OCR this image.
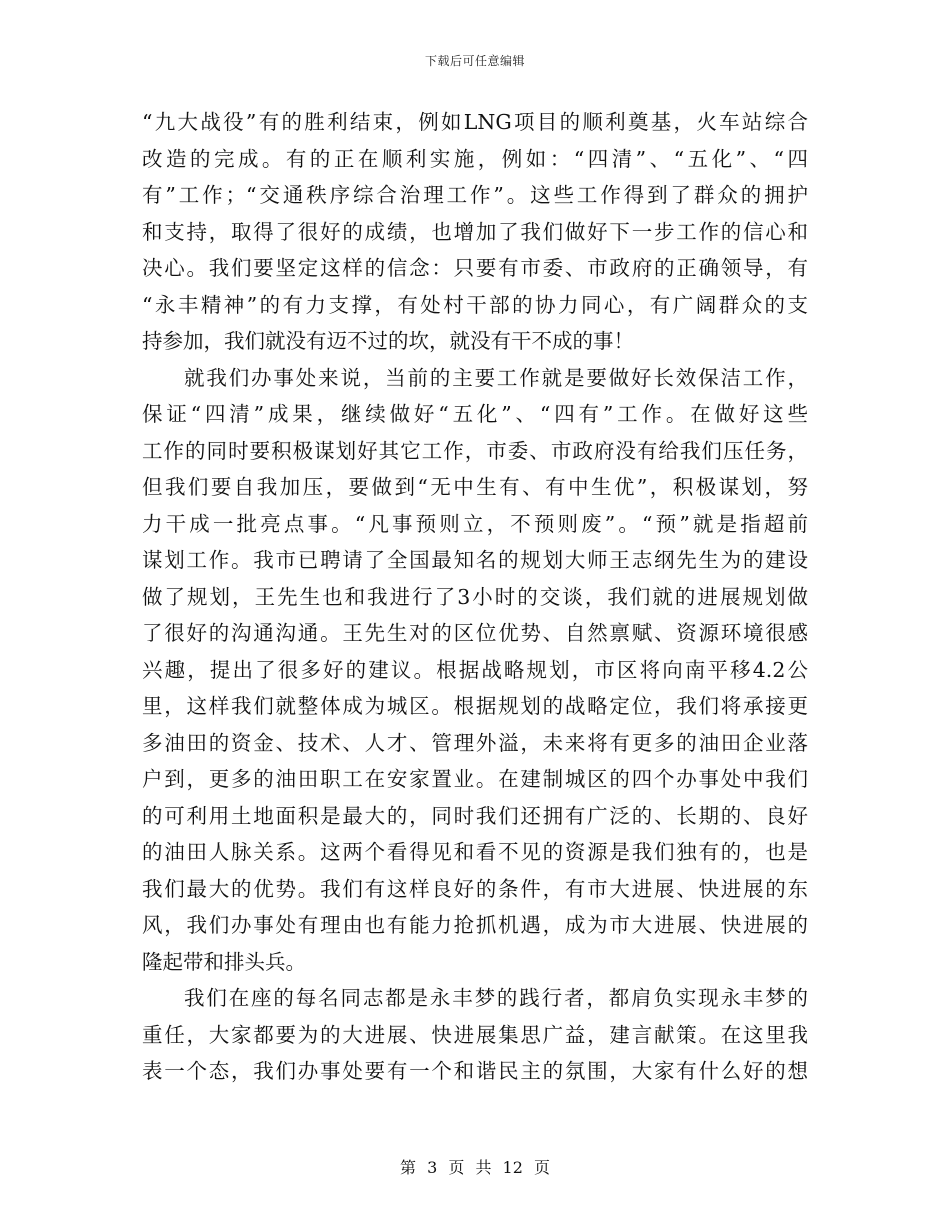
下载后可任意编辑
“九大战役”有的胜利结束，例如LNG项目的顺利奠基，火车站综合
改造的完成。有的正在顺利实施，例如：“四清”、“五化”、“四
有”工作；“交通秩序综合治理工作”。这些工作得到了群众的拥护
和支持，取得了很好的成绩，也增加了我们做好下一步工作的信心和
决心。我们要坚定这样的信念：只要有市委、市政府的正确领导，有
“永丰精神”的有力支撑，有处村干部的协力同心，有广阔群众的支
持参加，我们就没有迈不过的坎，就没有干不成的事！
就我们办事处来说，当前的主要工作就是要做好长效保洁工作，
保证“四清”成果，继续做好“五化”、“四有”工作。在做好这些
工作的同时要积极谋划好其它工作，市委、市政府没有给我们压任务，
但我们要自我加压，要做到“无中生有、有中生优”，积极谋划，努
力干成一批亮点事。“凡事预则立，不预则废”。“预”就是指超前
谋划工作。我市已聘请了全国最知名的规划大师王志纲先生为的建设
做了规划，王先生也和我进行了3小时的交谈，我们就的进展规划做
了很好的沟通沟通。王先生对的区位优势、自然禀赋、资源环境很感
兴趣，提出了很多好的建议。根据战略规划，市区将向南平移4.2公
里，这样我们就整体成为城区。根据规划的战略定位，我们将承接更
多油田的资金、技术、人才、管理外溢，未来将有更多的油田企业落
户到，更多的油田职工在安家置业。在建制城区的四个办事处中我们
的可利用土地面积是最大的，同时我们还拥有广泛的、长期的、良好
的油田人脉关系。这两个看得见和看不见的资源是我们独有的，也是
我们最大的优势。我们有这样良好的条件，有市大进展、快进展的东
风，我们办事处有理由也有能力抢抓机遇，成为市大进展、快进展的
隆起带和排头兵。
我们在座的每名同志都是永丰梦的践行者，都肩负实现永丰梦的
重任，大家都要为的大进展、快进展集思广益，建言献策。在这里我
表一个态，我们办事处要有一个和谐民主的氛围，大家有什么好的想
第 3 页 共 12 页
